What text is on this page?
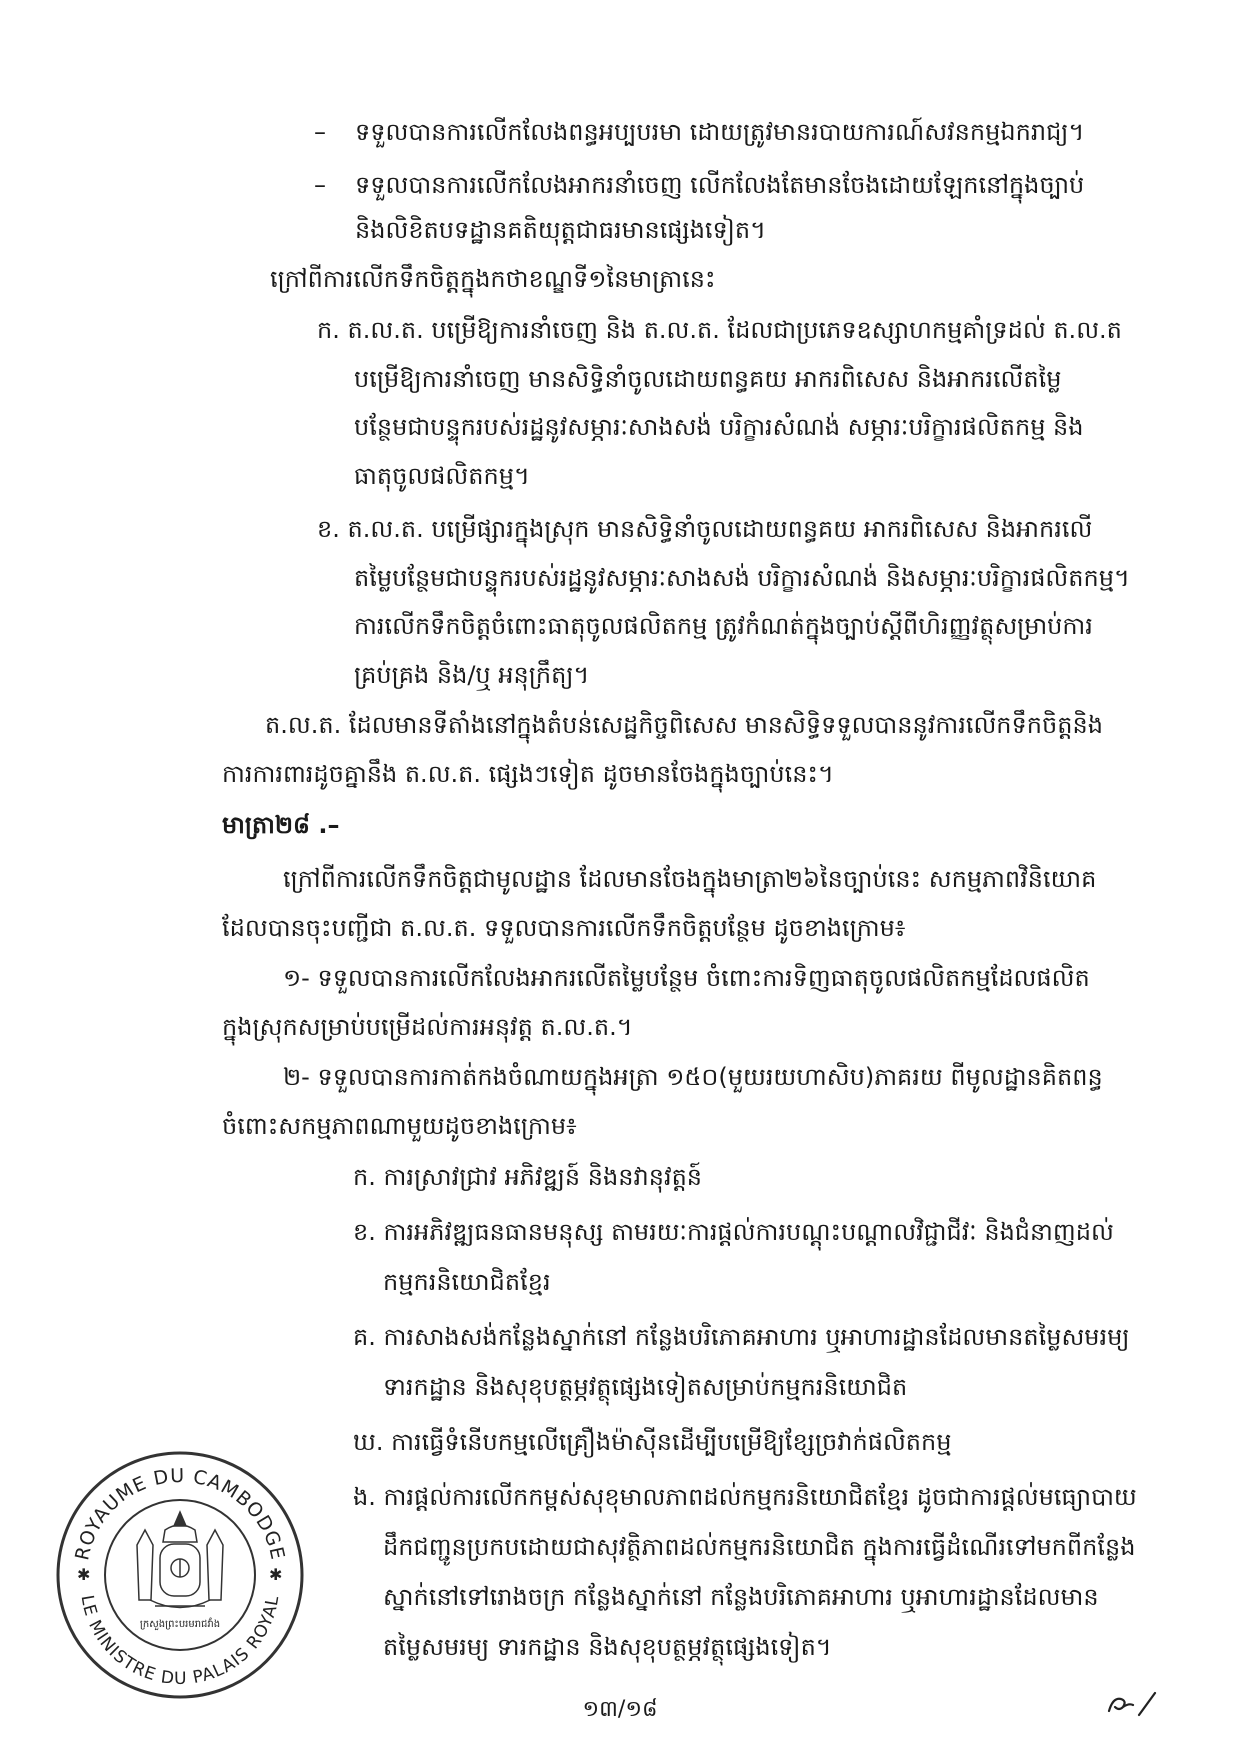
– ទទួលបានការលើកលែងពន្ធអប្បបរមា ដោយត្រូវមានរបាយការណ៍សវនកម្មឯករាជ្យ។
– ទទួលបានការលើកលែងអាករនាំចេញ លើកលែងតែមានចែងដោយឡែកនៅក្នុងច្បាប់
និងលិខិតបទដ្ឋានគតិយុត្តជាធរមានផ្សេងទៀត។
ក្រៅពីការលើកទឹកចិត្តក្នុងកថាខណ្ឌទី១នៃមាត្រានេះ
ក. ត.ល.ត. បម្រើឱ្យការនាំចេញ និង ត.ល.ត. ដែលជាប្រភេទឧស្សាហកម្មគាំទ្រដល់ ត.ល.ត
បម្រើឱ្យការនាំចេញ មានសិទ្ធិនាំចូលដោយពន្ធគយ អាករពិសេស និងអាករលើតម្លៃ
បន្ថែមជាបន្ទុករបស់រដ្ឋនូវសម្ភារៈសាងសង់ បរិក្ខារសំណង់ សម្ភារៈបរិក្ខារផលិតកម្ម និង
ធាតុចូលផលិតកម្ម។
ខ. ត.ល.ត. បម្រើផ្សារក្នុងស្រុក មានសិទ្ធិនាំចូលដោយពន្ធគយ អាករពិសេស និងអាករលើ
តម្លៃបន្ថែមជាបន្ទុករបស់រដ្ឋនូវសម្ភារៈសាងសង់ បរិក្ខារសំណង់ និងសម្ភារៈបរិក្ខារផលិតកម្ម។
ការលើកទឹកចិត្តចំពោះធាតុចូលផលិតកម្ម ត្រូវកំណត់ក្នុងច្បាប់ស្តីពីហិរញ្ញវត្ថុសម្រាប់ការ
គ្រប់គ្រង និង/ឬ អនុក្រឹត្យ។
ត.ល.ត. ដែលមានទីតាំងនៅក្នុងតំបន់សេដ្ឋកិច្ចពិសេស មានសិទ្ធិទទួលបាននូវការលើកទឹកចិត្តនិង
ការការពារដូចគ្នានឹង ត.ល.ត. ផ្សេងៗទៀត ដូចមានចែងក្នុងច្បាប់នេះ។
មាត្រា២៨ .–
ក្រៅពីការលើកទឹកចិត្តជាមូលដ្ឋាន ដែលមានចែងក្នុងមាត្រា២៦នៃច្បាប់នេះ សកម្មភាពវិនិយោគ
ដែលបានចុះបញ្ជីជា ត.ល.ត. ទទួលបានការលើកទឹកចិត្តបន្ថែម ដូចខាងក្រោម៖
១- ទទួលបានការលើកលែងអាករលើតម្លៃបន្ថែម ចំពោះការទិញធាតុចូលផលិតកម្មដែលផលិត
ក្នុងស្រុកសម្រាប់បម្រើដល់ការអនុវត្ត ត.ល.ត.។
២- ទទួលបានការកាត់កងចំណាយក្នុងអត្រា ១៥០(មួយរយហាសិប)ភាគរយ ពីមូលដ្ឋានគិតពន្ធ
ចំពោះសកម្មភាពណាមួយដូចខាងក្រោម៖
ក. ការស្រាវជ្រាវ អភិវឌ្ឍន៍ និងនវានុវត្តន៍
ខ. ការអភិវឌ្ឍធនធានមនុស្ស តាមរយៈការផ្តល់ការបណ្តុះបណ្តាលវិជ្ជាជីវៈ និងជំនាញដល់
កម្មករនិយោជិតខ្មែរ
គ. ការសាងសង់កន្លែងស្នាក់នៅ កន្លែងបរិភោគអាហារ ឬអាហារដ្ឋានដែលមានតម្លៃសមរម្យ
ទារកដ្ឋាន និងសុខុបត្ថម្ភវត្ថុផ្សេងទៀតសម្រាប់កម្មករនិយោជិត
ឃ. ការធ្វើទំនើបកម្មលើគ្រឿងម៉ាស៊ីនដើម្បីបម្រើឱ្យខ្សែច្រវាក់ផលិតកម្ម
ង. ការផ្តល់ការលើកកម្ពស់សុខុមាលភាពដល់កម្មករនិយោជិតខ្មែរ ដូចជាការផ្តល់មធ្យោបាយ
ដឹកជញ្ជូនប្រកបដោយជាសុវត្ថិភាពដល់កម្មករនិយោជិត ក្នុងការធ្វើដំណើរទៅមកពីកន្លែង
ស្នាក់នៅទៅរោងចក្រ កន្លែងស្នាក់នៅ កន្លែងបរិភោគអាហារ ឬអាហារដ្ឋានដែលមាន
តម្លៃសមរម្យ ទារកដ្ឋាន និងសុខុបត្ថម្ភវត្ថុផ្សេងទៀត។
ROYAUME DU CAMBODGE
LE MINISTRE DU PALAIS ROYAL
✱	✱
ក្រសួងព្រះបរមរាជវាំង
១៣/១៨
